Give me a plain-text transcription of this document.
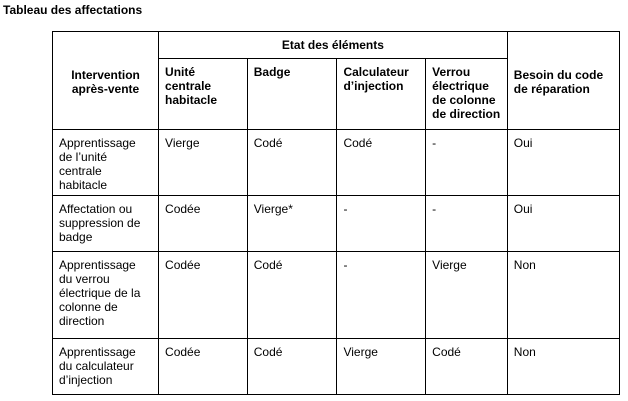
Tableau des affectations
Intervention après-vente	Etat des éléments				Besoin du code de réparation
	Unité centrale habitacle	Badge	Calculateur d’injection	Verrou électrique de colonne de direction	
Apprentissage de l’unité centrale habitacle	Vierge	Codé	Codé	-	Oui
Affectation ou suppression de badge	Codée	Vierge*	-	-	Oui
Apprentissage du verrou électrique de la colonne de direction	Codée	Codé	-	Vierge	Non
Apprentissage du calculateur d’injection	Codée	Codé	Vierge	Codé	Non
